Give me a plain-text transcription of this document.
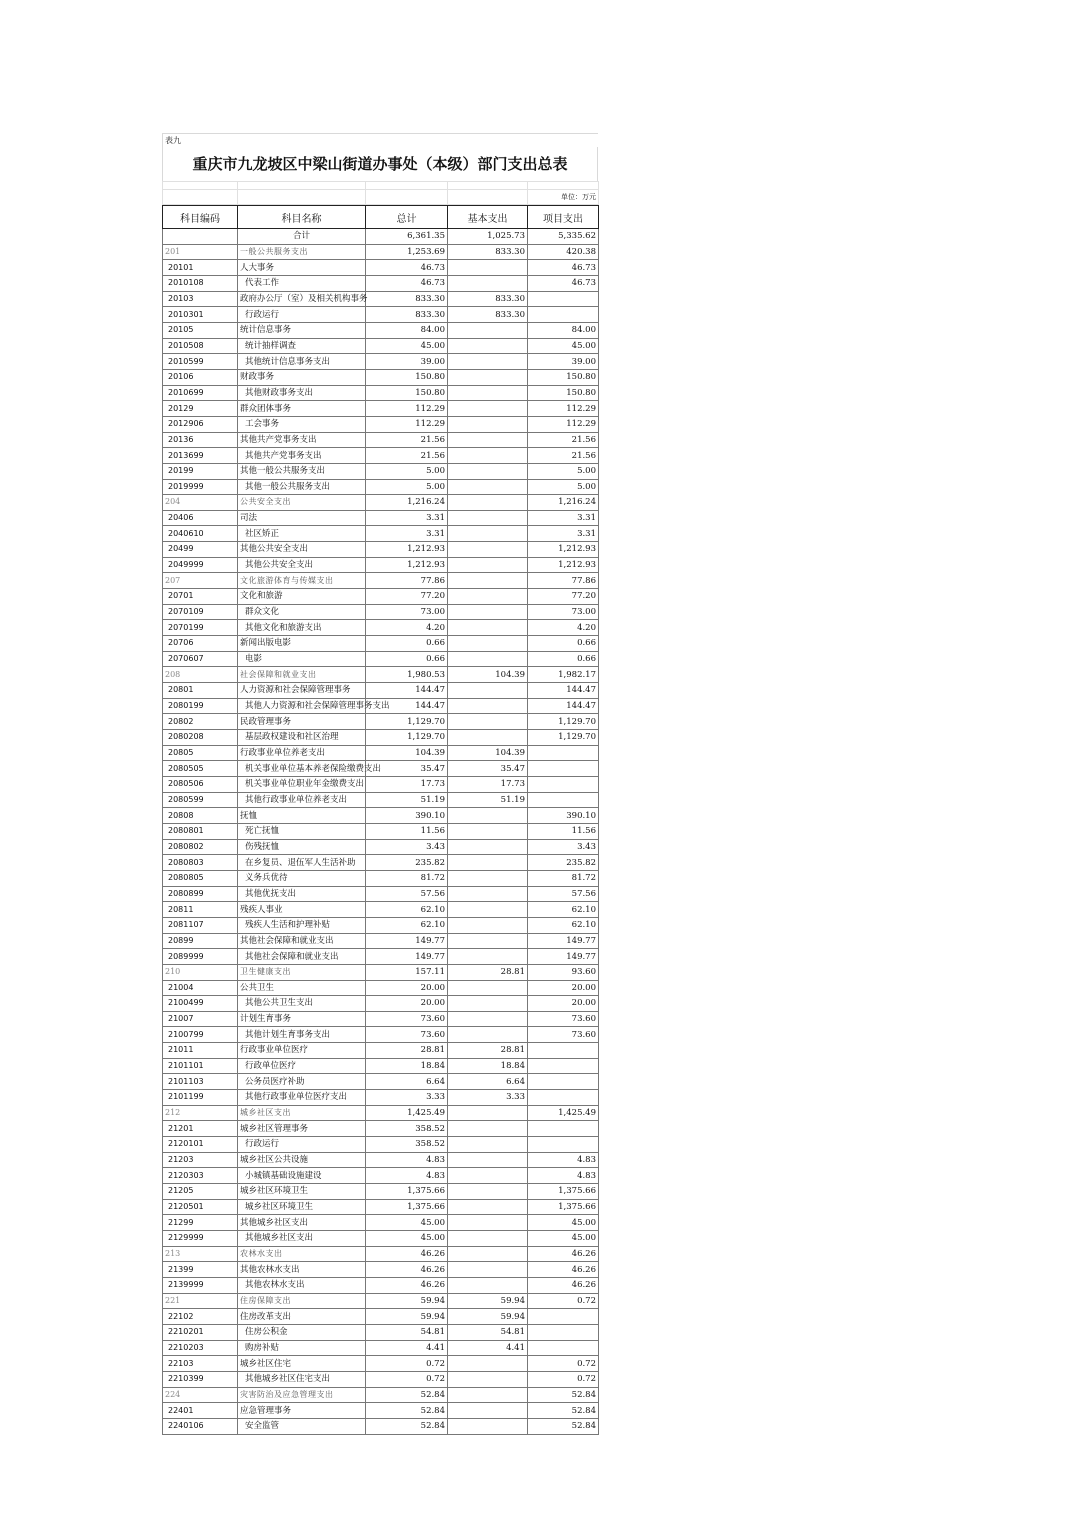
表九
重庆市九龙坡区中梁山街道办事处（本级）部门支出总表

				单位：万元
科目编码	科目名称	总计	基本支出	项目支出
	合计	6,361.35	1,025.73	5,335.62
201	一般公共服务支出	1,253.69	833.30	420.38
20101	人大事务	46.73		46.73
2010108	代表工作	46.73		46.73
20103	政府办公厅（室）及相关机构事务	833.30	833.30	
2010301	行政运行	833.30	833.30	
20105	统计信息事务	84.00		84.00
2010508	统计抽样调查	45.00		45.00
2010599	其他统计信息事务支出	39.00		39.00
20106	财政事务	150.80		150.80
2010699	其他财政事务支出	150.80		150.80
20129	群众团体事务	112.29		112.29
2012906	工会事务	112.29		112.29
20136	其他共产党事务支出	21.56		21.56
2013699	其他共产党事务支出	21.56		21.56
20199	其他一般公共服务支出	5.00		5.00
2019999	其他一般公共服务支出	5.00		5.00
204	公共安全支出	1,216.24		1,216.24
20406	司法	3.31		3.31
2040610	社区矫正	3.31		3.31
20499	其他公共安全支出	1,212.93		1,212.93
2049999	其他公共安全支出	1,212.93		1,212.93
207	文化旅游体育与传媒支出	77.86		77.86
20701	文化和旅游	77.20		77.20
2070109	群众文化	73.00		73.00
2070199	其他文化和旅游支出	4.20		4.20
20706	新闻出版电影	0.66		0.66
2070607	电影	0.66		0.66
208	社会保障和就业支出	1,980.53	104.39	1,982.17
20801	人力资源和社会保障管理事务	144.47		144.47
2080199	其他人力资源和社会保障管理事务支出	144.47		144.47
20802	民政管理事务	1,129.70		1,129.70
2080208	基层政权建设和社区治理	1,129.70		1,129.70
20805	行政事业单位养老支出	104.39	104.39	
2080505	机关事业单位基本养老保险缴费支出	35.47	35.47	
2080506	机关事业单位职业年金缴费支出	17.73	17.73	
2080599	其他行政事业单位养老支出	51.19	51.19	
20808	抚恤	390.10		390.10
2080801	死亡抚恤	11.56		11.56
2080802	伤残抚恤	3.43		3.43
2080803	在乡复员、退伍军人生活补助	235.82		235.82
2080805	义务兵优待	81.72		81.72
2080899	其他优抚支出	57.56		57.56
20811	残疾人事业	62.10		62.10
2081107	残疾人生活和护理补贴	62.10		62.10
20899	其他社会保障和就业支出	149.77		149.77
2089999	其他社会保障和就业支出	149.77		149.77
210	卫生健康支出	157.11	28.81	93.60
21004	公共卫生	20.00		20.00
2100499	其他公共卫生支出	20.00		20.00
21007	计划生育事务	73.60		73.60
2100799	其他计划生育事务支出	73.60		73.60
21011	行政事业单位医疗	28.81	28.81	
2101101	行政单位医疗	18.84	18.84	
2101103	公务员医疗补助	6.64	6.64	
2101199	其他行政事业单位医疗支出	3.33	3.33	
212	城乡社区支出	1,425.49		1,425.49
21201	城乡社区管理事务	358.52		
2120101	行政运行	358.52		
21203	城乡社区公共设施	4.83		4.83
2120303	小城镇基础设施建设	4.83		4.83
21205	城乡社区环境卫生	1,375.66		1,375.66
2120501	城乡社区环境卫生	1,375.66		1,375.66
21299	其他城乡社区支出	45.00		45.00
2129999	其他城乡社区支出	45.00		45.00
213	农林水支出	46.26		46.26
21399	其他农林水支出	46.26		46.26
2139999	其他农林水支出	46.26		46.26
221	住房保障支出	59.94	59.94	0.72
22102	住房改革支出	59.94	59.94	
2210201	住房公积金	54.81	54.81	
2210203	购房补贴	4.41	4.41	
22103	城乡社区住宅	0.72		0.72
2210399	其他城乡社区住宅支出	0.72		0.72
224	灾害防治及应急管理支出	52.84		52.84
22401	应急管理事务	52.84		52.84
2240106	安全监管	52.84		52.84
